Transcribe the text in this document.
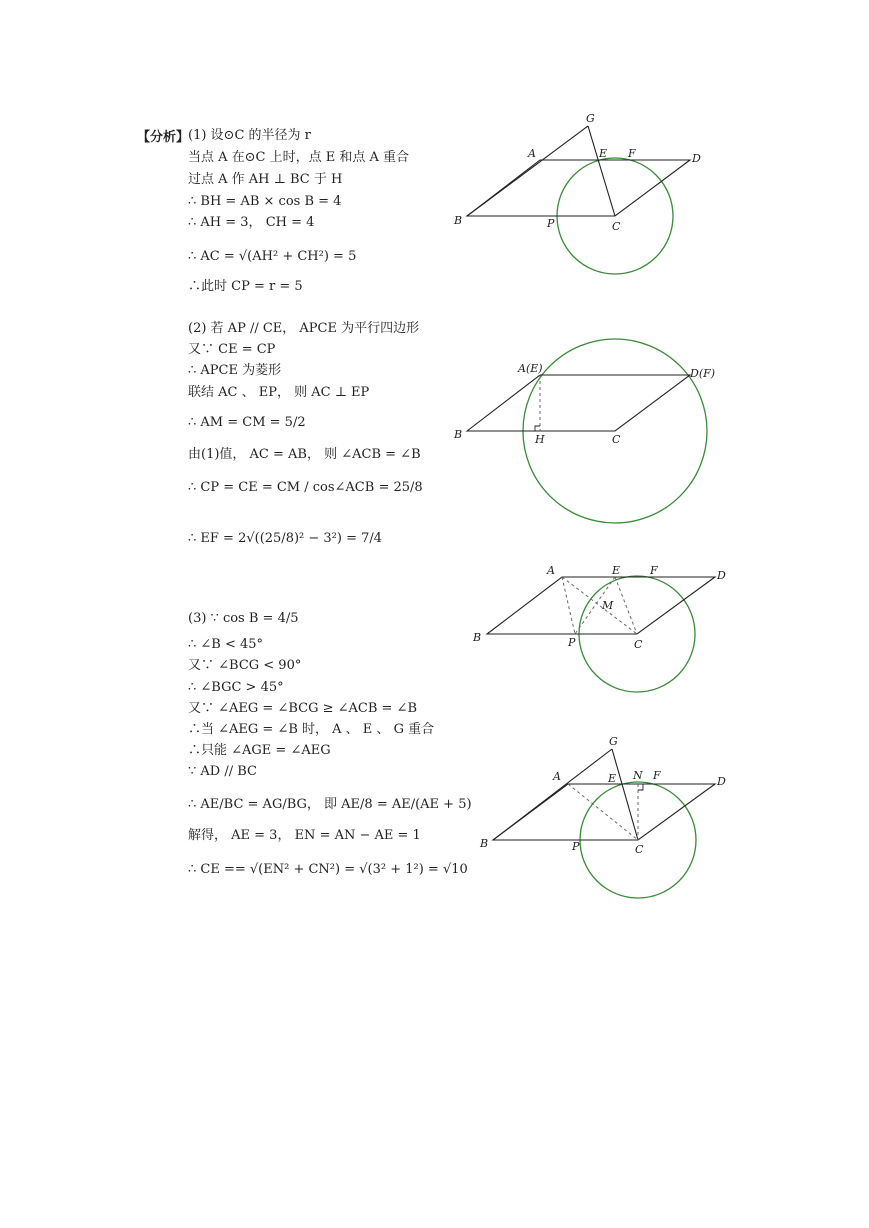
【分析】
(1) 设⊙C 的半径为 r
当点 A 在⊙C 上时，点 E 和点 A 重合
过点 A 作 AH ⊥ BC 于 H
∴ BH = AB × cos B = 4
∴ AH = 3， CH = 4
∴ AC = √(AH² + CH²) = 5
∴此时 CP = r = 5
(2) 若 AP // CE， APCE 为平行四边形
又∵ CE = CP
∴ APCE 为菱形
联结 AC 、 EP， 则 AC ⊥ EP
∴ AM = CM = 5/2
由(1)值， AC = AB， 则 ∠ACB = ∠B
∴ CP = CE = CM / cos∠ACB = 25/8
∴ EF = 2√((25/8)² − 3²) = 7/4
(3) ∵ cos B = 4/5
∴ ∠B < 45°
又∵ ∠BCG < 90°
∴ ∠BGC > 45°
又∵ ∠AEG = ∠BCG ≥ ∠ACB = ∠B
∴当 ∠AEG = ∠B 时， A 、 E 、 G 重合
∴只能 ∠AGE = ∠AEG
∵ AD // BC
∴ AE/BC = AG/BG， 即 AE/8 = AE/(AE + 5)
解得， AE = 3， EN = AN − AE = 1
∴ CE == √(EN² + CN²) = √(3² + 1²) = √10
G
A	E F	D
B	P	C
A(E)	D(F)
B	H	C
A	E	F	D
M
B	P	C
G
A	E N F	D
B	P	C
